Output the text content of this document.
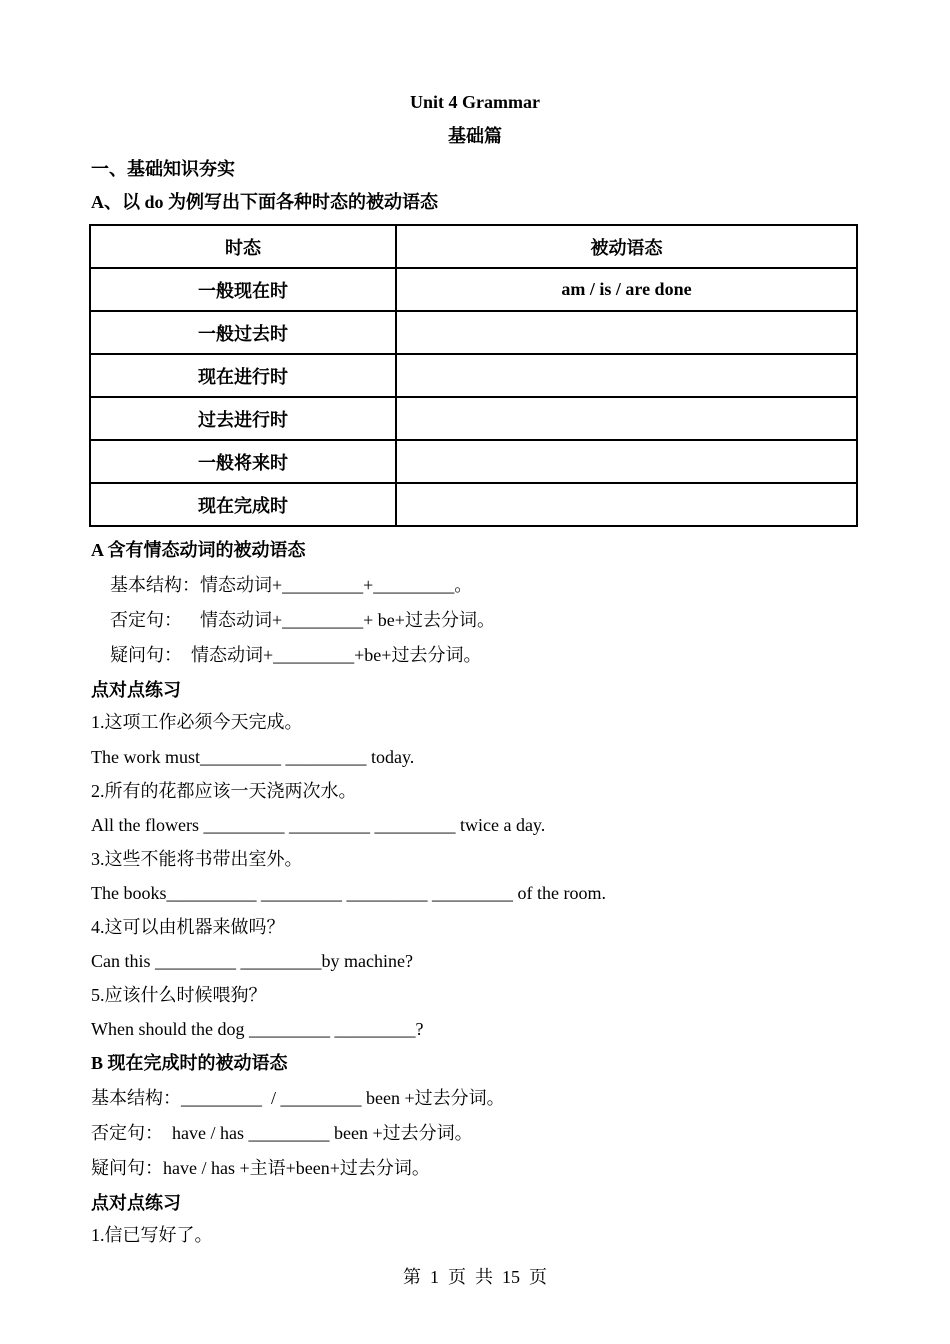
Unit 4 Grammar
基础篇
一、基础知识夯实
A、以 do 为例写出下面各种时态的被动语态
时态	被动语态
一般现在时	am / is / are done
一般过去时	
现在进行时	
过去进行时	
一般将来时	
现在完成时	
A 含有情态动词的被动语态
基本结构：情态动词+_________+_________。
否定句：    情态动词+_________+ be+过去分词。
疑问句：  情态动词+_________+be+过去分词。
点对点练习
1.这项工作必须今天完成。
The work must_________ _________ today.
2.所有的花都应该一天浇两次水。
All the flowers _________ _________ _________ twice a day.
3.这些不能将书带出室外。
The books__________ _________ _________ _________ of the room.
4.这可以由机器来做吗？
Can this _________ _________by machine?
5.应该什么时候喂狗？
When should the dog _________ _________?
B 现在完成时的被动语态
基本结构：_________  / _________ been +过去分词。
否定句：  have / has _________ been +过去分词。
疑问句：have / has +主语+been+过去分词。
点对点练习
1.信已写好了。
第  1  页  共  15  页
